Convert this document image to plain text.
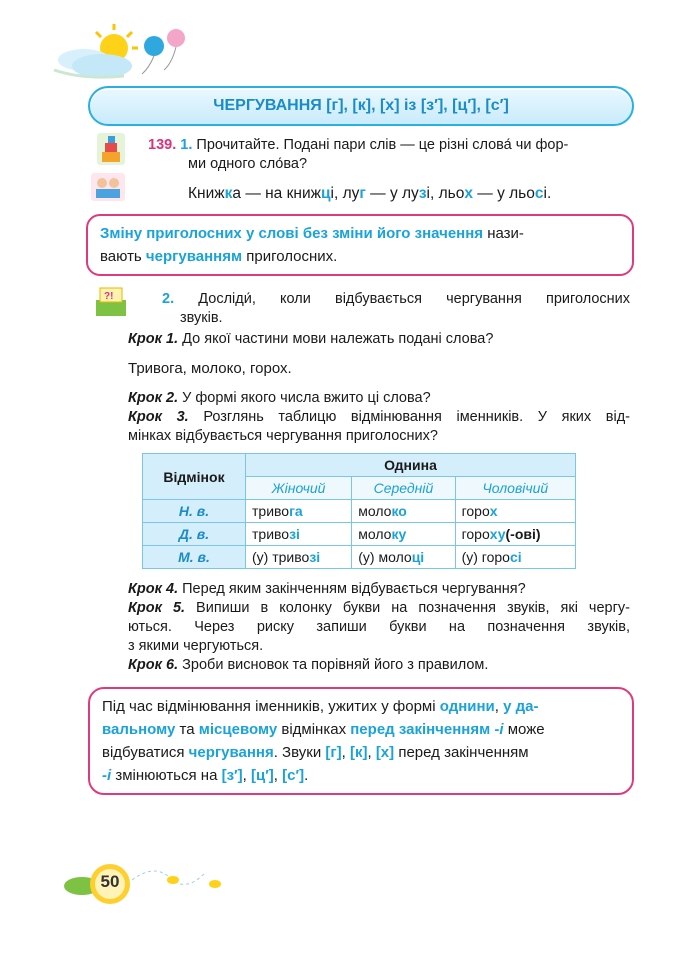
ЧЕРГУВАННЯ [г], [к], [х] із [з′], [ц′], [с′]
139. 1. Прочитайте. Подані пари слів — це різні слова́ чи фор-
ми одного сло́ва?
Книжка — на книжці, луг — у лузі, льох — у льосі.

Зміну приголосних у слові без зміни його значення нази-
вають чергуванням приголосних.

?!	2. Досліди́, коли відбувається чергування приголосних
звуків.
Крок 1. До якої частини мови належать подані слова?
Тривога, молоко, горох.
Крок 2. У формі якого числа вжито ці слова?
Крок 3. Розглянь таблицю відмінювання іменників. У яких від-
мінках відбувається чергування приголосних?
Відмінок	Однина		
	Жіночий	Середній	Чоловічий
Н. в.	тривога	молоко	горох
Д. в.	тривозі	молоку	гороху(-ові)
М. в.	(у) тривозі	(у) молоці	(у) горосі
Крок 4. Перед яким закінченням відбувається чергування?
Крок 5. Випиши в колонку букви на позначення звуків, які чергу-
ються. Через риску запиши букви на позначення звуків,
з якими чергуються.
Крок 6. Зроби висновок та порівняй його з правилом.

Під час відмінювання іменників, ужитих у формі однини, у да-
вальному та місцевому відмінках перед закінченням -і може
відбуватися чергування. Звуки [г], [к], [х] перед закінченням
-і змінюються на [з′], [ц′], [с′].

50
